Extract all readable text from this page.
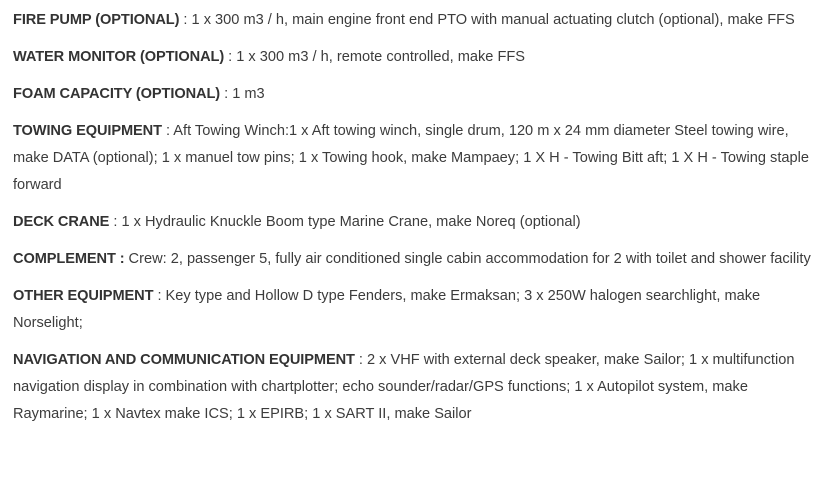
FIRE PUMP (OPTIONAL) : 1 x 300 m3 / h, main engine front end PTO with manual actuating clutch (optional), make FFS

WATER MONITOR (OPTIONAL) : 1 x 300 m3 / h, remote controlled, make FFS

FOAM CAPACITY (OPTIONAL) : 1 m3

TOWING EQUIPMENT : Aft Towing Winch:1 x Aft towing winch, single drum, 120 m x 24 mm diameter Steel towing wire, make DATA (optional); 1 x manuel tow pins; 1 x Towing hook, make Mampaey; 1 X H - Towing Bitt aft; 1 X H - Towing staple forward

DECK CRANE : 1 x Hydraulic Knuckle Boom type Marine Crane, make Noreq (optional)

COMPLEMENT : Crew: 2, passenger 5, fully air conditioned single cabin accommodation for 2 with toilet and shower facility

OTHER EQUIPMENT : Key type and Hollow D type Fenders, make Ermaksan; 3 x 250W halogen searchlight, make Norselight;

NAVIGATION AND COMMUNICATION EQUIPMENT : 2 x VHF with external deck speaker, make Sailor; 1 x multifunction navigation display in combination with chartplotter; echo sounder/radar/GPS functions; 1 x Autopilot system, make Raymarine; 1 x Navtex make ICS; 1 x EPIRB; 1 x SART II, make Sailor
